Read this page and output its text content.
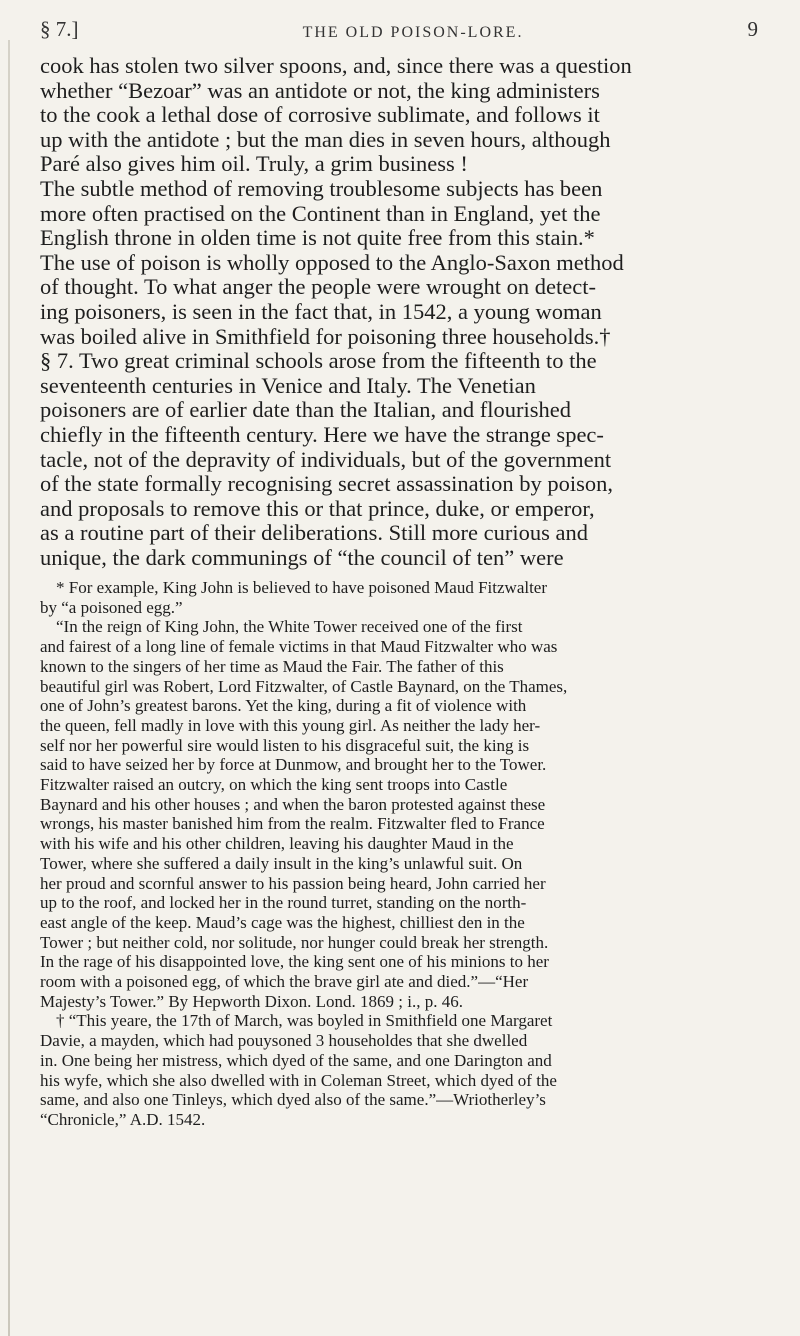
§ 7.]	THE OLD POISON-LORE.	9
cook has stolen two silver spoons, and, since there was a question
whether “Bezoar” was an antidote or not, the king administers
to the cook a lethal dose of corrosive sublimate, and follows it
up with the antidote ; but the man dies in seven hours, although
Paré also gives him oil. Truly, a grim business !
The subtle method of removing troublesome subjects has been
more often practised on the Continent than in England, yet the
English throne in olden time is not quite free from this stain.*
The use of poison is wholly opposed to the Anglo-Saxon method
of thought. To what anger the people were wrought on detect-
ing poisoners, is seen in the fact that, in 1542, a young woman
was boiled alive in Smithfield for poisoning three households.†
§ 7. Two great criminal schools arose from the fifteenth to the
seventeenth centuries in Venice and Italy. The Venetian
poisoners are of earlier date than the Italian, and flourished
chiefly in the fifteenth century. Here we have the strange spec-
tacle, not of the depravity of individuals, but of the government
of the state formally recognising secret assassination by poison,
and proposals to remove this or that prince, duke, or emperor,
as a routine part of their deliberations. Still more curious and
unique, the dark communings of “the council of ten” were
* For example, King John is believed to have poisoned Maud Fitzwalter
by “a poisoned egg.”
“In the reign of King John, the White Tower received one of the first
and fairest of a long line of female victims in that Maud Fitzwalter who was
known to the singers of her time as Maud the Fair. The father of this
beautiful girl was Robert, Lord Fitzwalter, of Castle Baynard, on the Thames,
one of John’s greatest barons. Yet the king, during a fit of violence with
the queen, fell madly in love with this young girl. As neither the lady her-
self nor her powerful sire would listen to his disgraceful suit, the king is
said to have seized her by force at Dunmow, and brought her to the Tower.
Fitzwalter raised an outcry, on which the king sent troops into Castle
Baynard and his other houses ; and when the baron protested against these
wrongs, his master banished him from the realm. Fitzwalter fled to France
with his wife and his other children, leaving his daughter Maud in the
Tower, where she suffered a daily insult in the king’s unlawful suit. On
her proud and scornful answer to his passion being heard, John carried her
up to the roof, and locked her in the round turret, standing on the north-
east angle of the keep. Maud’s cage was the highest, chilliest den in the
Tower ; but neither cold, nor solitude, nor hunger could break her strength.
In the rage of his disappointed love, the king sent one of his minions to her
room with a poisoned egg, of which the brave girl ate and died.”—“Her
Majesty’s Tower.” By Hepworth Dixon. Lond. 1869 ; i., p. 46.
† “This yeare, the 17th of March, was boyled in Smithfield one Margaret
Davie, a mayden, which had pouysoned 3 householdes that she dwelled
in. One being her mistress, which dyed of the same, and one Darington and
his wyfe, which she also dwelled with in Coleman Street, which dyed of the
same, and also one Tinleys, which dyed also of the same.”—Wriotherley’s
“Chronicle,” A.D. 1542.
